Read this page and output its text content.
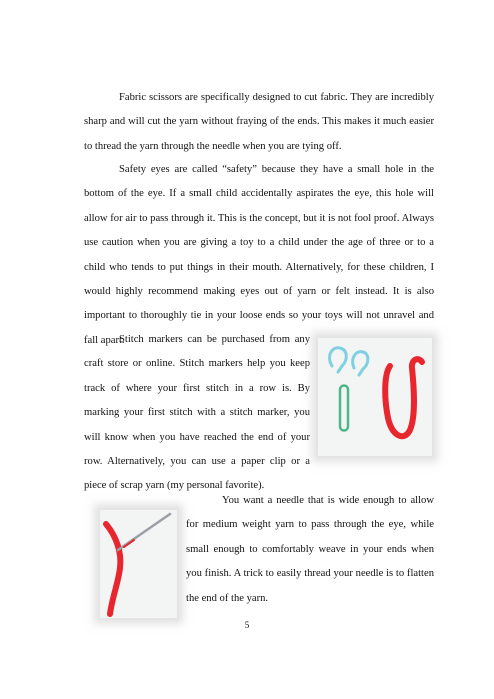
Fabric scissors are specifically designed to cut fabric. They are incredibly sharp and will cut the yarn without fraying of the ends. This makes it much easier to thread the yarn through the needle when you are tying off.

Safety eyes are called “safety” because they have a small hole in the bottom of the eye. If a small child accidentally aspirates the eye, this hole will allow for air to pass through it. This is the concept, but it is not fool proof. Always use caution when you are giving a toy to a child under the age of three or to a child who tends to put things in their mouth. Alternatively, for these children, I would highly recommend making eyes out of yarn or felt instead. It is also important to thoroughly tie in your loose ends so your toys will not unravel and fall apart.

Stitch markers can be purchased from any craft store or online. Stitch markers help you keep track of where your first stitch in a row is. By marking your first stitch with a stitch marker, you will know when you have reached the end of your row. Alternatively, you can use a paper clip or a piece of scrap yarn (my personal favorite).

You want a needle that is wide enough to allow for medium weight yarn to pass through the eye, while small enough to comfortably weave in your ends when you finish. A trick to easily thread your needle is to flatten the end of the yarn.

5
